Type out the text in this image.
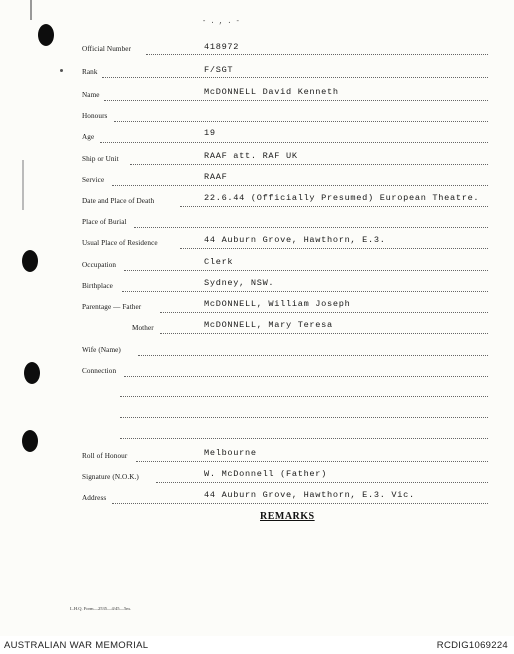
- . , . -
Official Number	418972
Rank	F/SGT
Name	McDONNELL David Kenneth
Honours
Age	19
Ship or Unit	RAAF att. RAF UK
Service	RAAF
Date and Place of Death	22.6.44 (Officially Presumed) European Theatre.
Place of Burial
Usual Place of Residence	44 Auburn Grove, Hawthorn, E.3.
Occupation	Clerk
Birthplace	Sydney, NSW.
Parentage — Father	McDONNELL, William Joseph
Mother	McDONNELL, Mary Teresa
Wife (Name)
Connection
Roll of Honour	Melbourne
Signature (N.O.K.)	W. McDonnell (Father)
Address	44 Auburn Grove, Hawthorn, E.3. Vic.
REMARKS
L.H.Q. Form—2535—4/45—5m.
AUSTRALIAN WAR MEMORIAL	RCDIG1069224
